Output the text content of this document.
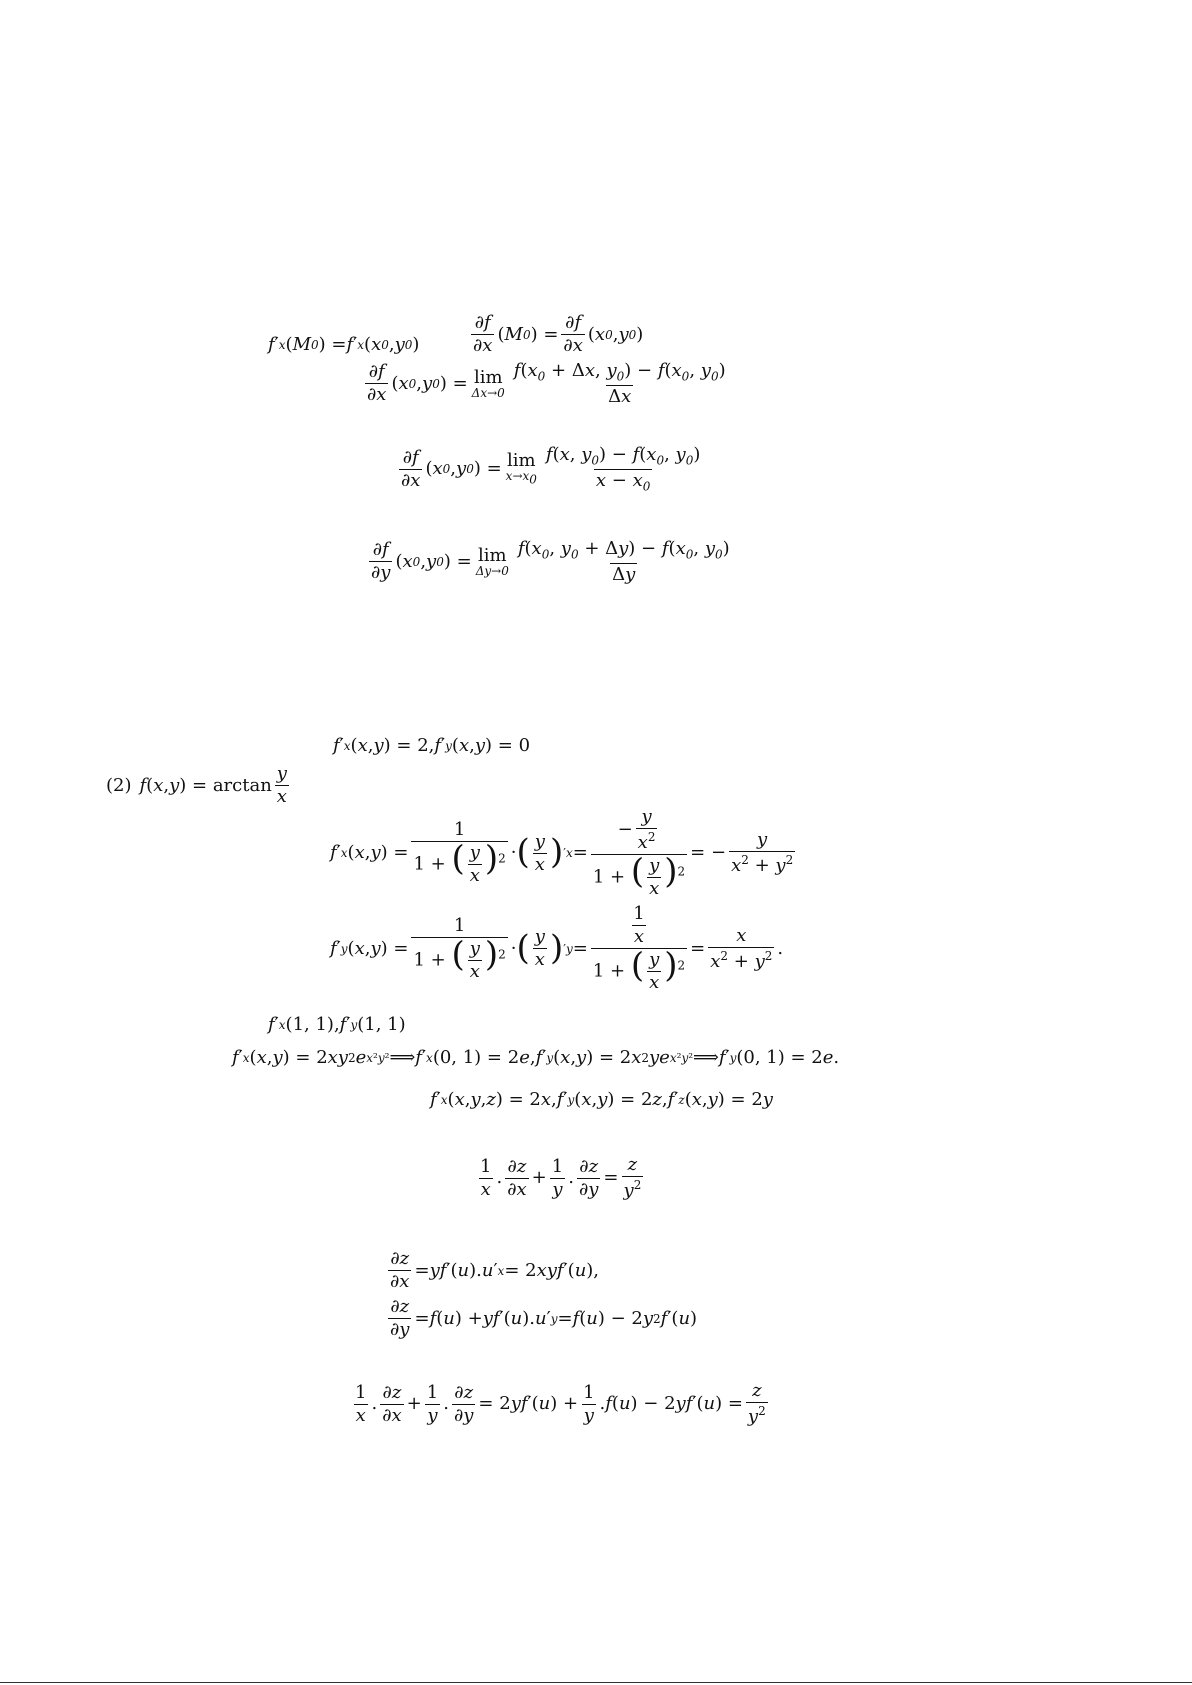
f ′ x ( M 0 ) = f ′ x ( x 0 , y 0 )	$\frac{\partial f}{\partial x}$ ( M 0 ) = $\frac{\partial f}{\partial x}$ ( x 0 , y 0 )
$\frac{\partial f}{\partial x}$ ( x 0 , y 0 ) = lim
$\Delta x\to 0 \frac{f(x_0 + \Delta x, y_0) - f(x_0, y_0)}{\Delta x}$
$\frac{\partial f}{\partial x}$ ( x 0 , y 0 ) = lim
$x\to x_0 \frac{f(x, y_0) - f(x_0, y_0)}{x - x_0}$
$\frac{\partial f}{\partial y}$ ( x 0 , y 0 ) = lim
$\Delta y\to 0 \frac{f(x_0, y_0 + \Delta y) - f(x_0, y_0)}{\Delta y}$
f ′ x ( x , y ) = 2, f ′ y ( x , y ) = 0
(2) f ( x , y ) = $\arctan \frac{y}{x}$
f ′ x ( x , y ) = $\frac{1}{1 + ( \frac{y}{x} )^2}$ · ( $\frac{y}{x}$ ) ′ $x = \frac{- \frac{y}{x^2}}{1 + ( \frac{y}{x} )^2}$ = − $\frac{y}{x^2 + y^2}$
f ′ y ( x , y ) = $\frac{1}{1 + ( \frac{y}{x} )^2}$ · ( $\frac{y}{x}$ ) ′ $y = \frac{\frac{1}{x}}{1 + ( \frac{y}{x} )^2} = \frac{x}{x^2 + y^2}$ .
f ′ x (1, 1), f ′ y (1, 1)
f ′ x ( x , y ) = 2 xy 2 e x²y² ⟹ f ′ x (0, 1) = 2 e , f ′ y ( x , y ) = 2 x 2 ye x²y² ⟹ f ′ y (0, 1) = 2 e .
f ′ x ( x , y , z ) = 2 x , f ′ y ( x , y ) = 2 z , f ′ z ( x , y ) = 2 y
$\frac{1}{x}$ . $\frac{\partial z}{\partial x} + \frac{1}{y}$ . $\frac{\partial z}{\partial y} = \frac{z}{y^2}$
$\frac{\partial z}{\partial x}$ = yf ′( u ). u ′ x = 2 xyf ′( u ),
$\frac{\partial z}{\partial y} = f$ ( u ) + yf ′( u ). u ′ y = f ( u ) − 2 y 2 f ′( u )
$\frac{1}{x}$ . $\frac{\partial z}{\partial x} + \frac{1}{y}$ . $\frac{\partial z}{\partial y} = 2$ yf ′( u ) + $\frac{1}{y}$ . f ( u ) − 2 yf ′( u ) = $\frac{z}{y^2}$
